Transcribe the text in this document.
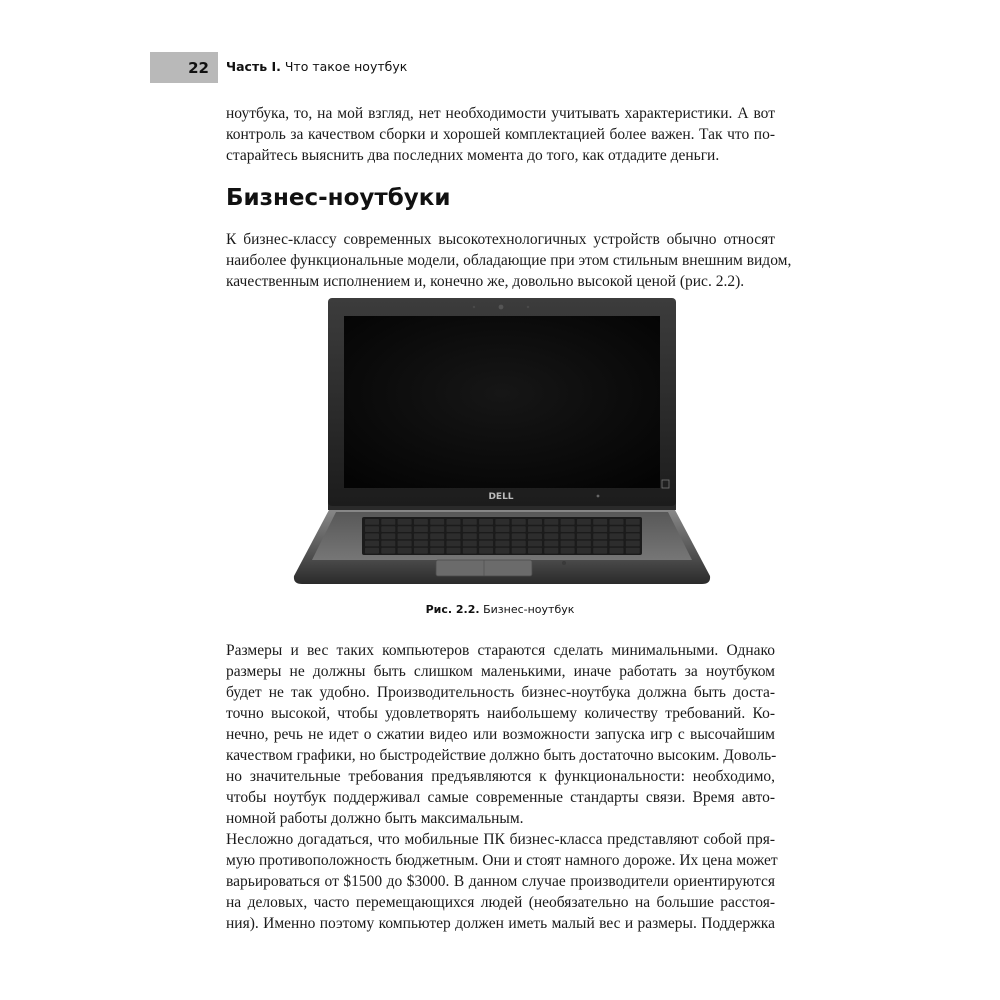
22 Часть I. Что такое ноутбук

ноутбука, то, на мой взгляд, нет необходимости учитывать характеристики. А вот
контроль за качеством сборки и хорошей комплектацией более важен. Так что по-
старайтесь выяснить два последних момента до того, как отдадите деньги.

Бизнес-ноутбуки

К бизнес-классу современных высокотехнологичных устройств обычно относят
наиболее функциональные модели, обладающие при этом стильным внешним видом,
качественным исполнением и, конечно же, довольно высокой ценой (рис. 2.2).

DELL
Рис. 2.2. Бизнес-ноутбук

Размеры и вес таких компьютеров стараются сделать минимальными. Однако
размеры не должны быть слишком маленькими, иначе работать за ноутбуком
будет не так удобно. Производительность бизнес-ноутбука должна быть доста-
точно высокой, чтобы удовлетворять наибольшему количеству требований. Ко-
нечно, речь не идет о сжатии видео или возможности запуска игр с высочайшим
качеством графики, но быстродействие должно быть достаточно высоким. Доволь-
но значительные требования предъявляются к функциональности: необходимо,
чтобы ноутбук поддерживал самые современные стандарты связи. Время авто-
номной работы должно быть максимальным.

Несложно догадаться, что мобильные ПК бизнес-класса представляют собой пря-
мую противоположность бюджетным. Они и стоят намного дороже. Их цена может
варьироваться от $1500 до $3000. В данном случае производители ориентируются
на деловых, часто перемещающихся людей (необязательно на большие расстоя-
ния). Именно поэтому компьютер должен иметь малый вес и размеры. Поддержка
